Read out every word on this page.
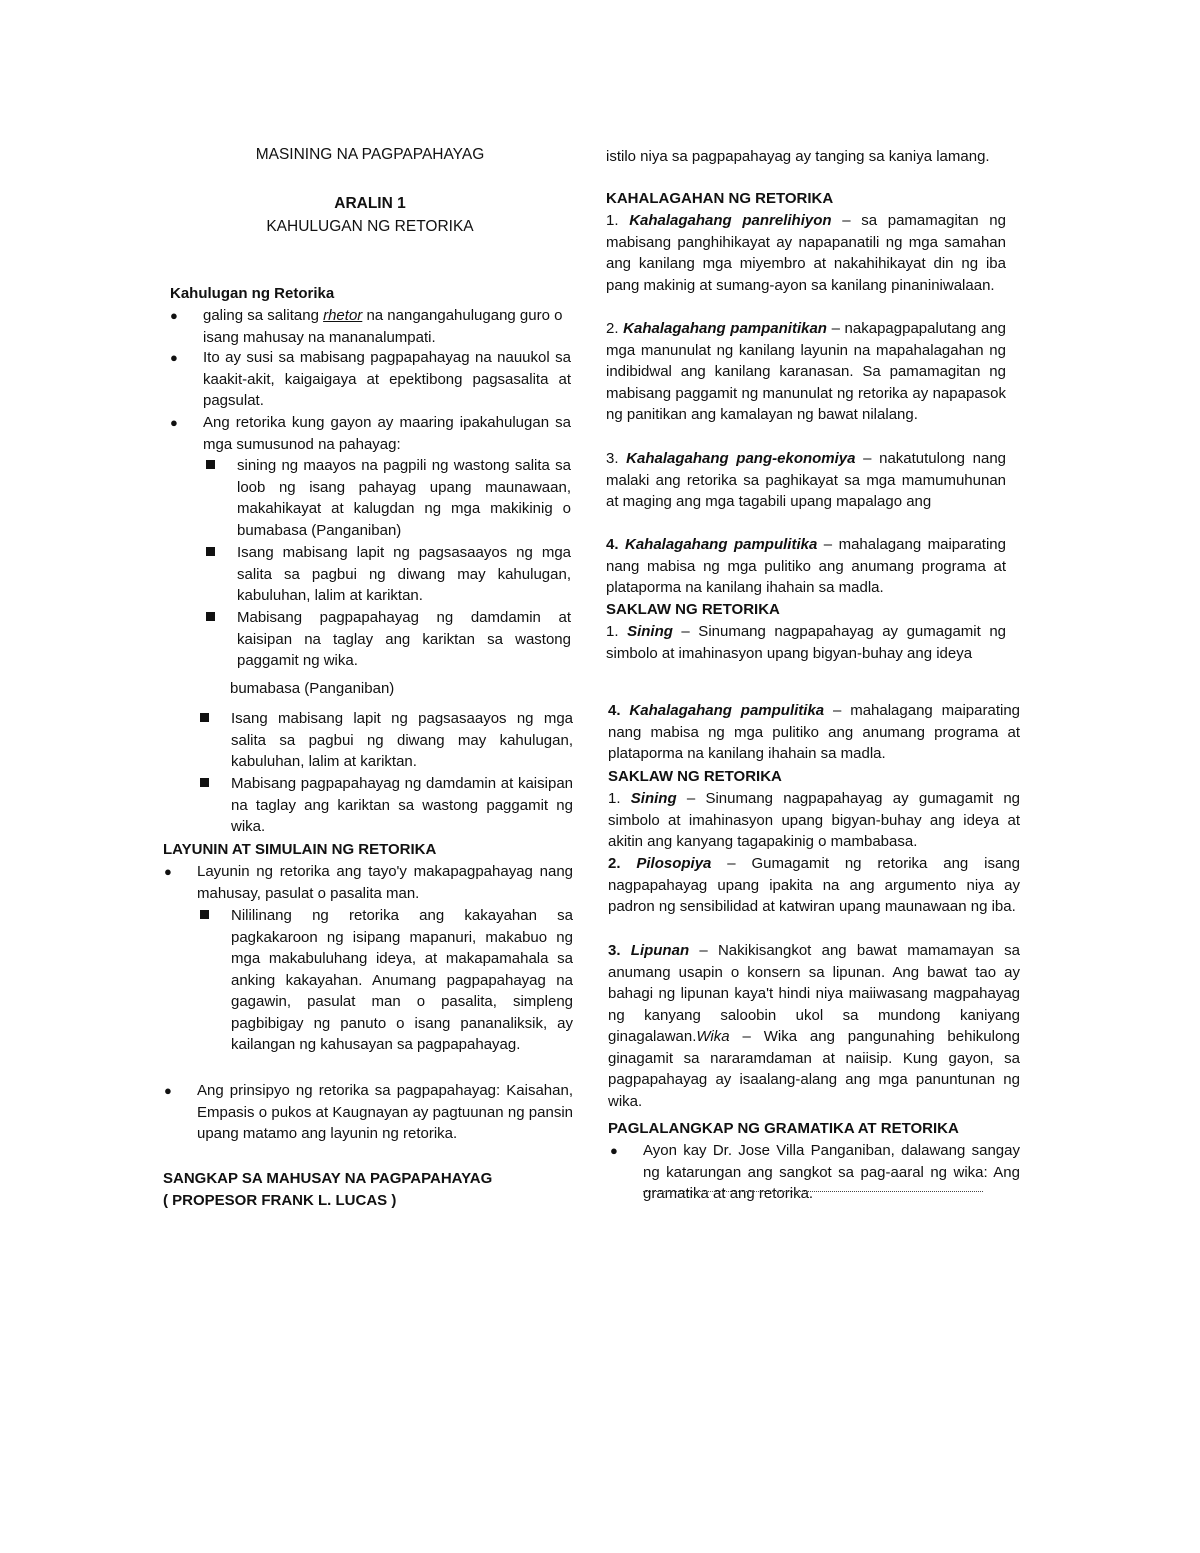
MASINING NA PAGPAPAHAYAG
ARALIN 1
KAHULUGAN NG RETORIKA
Kahulugan ng Retorika
● galing sa salitang rhetor na nangangahulugang guro o isang mahusay na mananalumpati.
● Ito ay susi sa mabisang pagpapahayag na nauukol sa kaakit-akit, kaigaigaya at epektibong pagsasalita at pagsulat.
● Ang retorika kung gayon ay maaring ipakahulugan sa mga sumusunod na pahayag:
sining ng maayos na pagpili ng wastong salita sa loob ng isang pahayag upang maunawaan, makahikayat at kalugdan ng mga makikinig o bumabasa (Panganiban)
Isang mabisang lapit ng pagsasaayos ng mga salita sa pagbui ng diwang may kahulugan, kabuluhan, lalim at kariktan.
Mabisang pagpapahayag ng damdamin at kaisipan na taglay ang kariktan sa wastong paggamit ng wika.
istilo niya sa pagpapahayag ay tanging sa kaniya lamang.
KAHALAGAHAN NG RETORIKA
1. Kahalagahang panrelihiyon – sa pamamagitan ng mabisang panghihikayat ay napapanatili ng mga samahan ang kanilang mga miyembro at nakahihikayat din ng iba pang makinig at sumang-ayon sa kanilang pinaniniwalaan.
2. Kahalagahang pampanitikan – nakapagpapalutang ang mga manunulat ng kanilang layunin na mapahalagahan ng indibidwal ang kanilang karanasan. Sa pamamagitan ng mabisang paggamit ng manunulat ng retorika ay napapasok ng panitikan ang kamalayan ng bawat nilalang.
3. Kahalagahang pang-ekonomiya – nakatutulong nang malaki ang retorika sa paghikayat sa mga mamumuhunan at maging ang mga tagabili upang mapalago ang
4. Kahalagahang pampulitika – mahalagang maiparating nang mabisa ng mga pulitiko ang anumang programa at plataporma na kanilang ihahain sa madla.
SAKLAW NG RETORIKA
1. Sining – Sinumang nagpapahayag ay gumagamit ng simbolo at imahinasyon upang bigyan-buhay ang ideya
bumabasa (Panganiban)
Isang mabisang lapit ng pagsasaayos ng mga salita sa pagbui ng diwang may kahulugan, kabuluhan, lalim at kariktan.
Mabisang pagpapahayag ng damdamin at kaisipan na taglay ang kariktan sa wastong paggamit ng wika.
LAYUNIN AT SIMULAIN NG RETORIKA
● Layunin ng retorika ang tayo'y makapagpahayag nang mahusay, pasulat o pasalita man.
Nililinang ng retorika ang kakayahan sa pagkakaroon ng isipang mapanuri, makabuo ng mga makabuluhang ideya, at makapamahala sa anking kakayahan. Anumang pagpapahayag na gagawin, pasulat man o pasalita, simpleng pagbibigay ng panuto o isang pananaliksik, ay kailangan ng kahusayan sa pagpapahayag.
● Ang prinsipyo ng retorika sa pagpapahayag: Kaisahan, Empasis o pukos at Kaugnayan ay pagtuunan ng pansin upang matamo ang layunin ng retorika.
SANGKAP SA MAHUSAY NA PAGPAPAHAYAG
( PROPESOR FRANK L. LUCAS )
4. Kahalagahang pampulitika – mahalagang maiparating nang mabisa ng mga pulitiko ang anumang programa at plataporma na kanilang ihahain sa madla.
SAKLAW NG RETORIKA
1. Sining – Sinumang nagpapahayag ay gumagamit ng simbolo at imahinasyon upang bigyan-buhay ang ideya at akitin ang kanyang tagapakinig o mambabasa.
2. Pilosopiya – Gumagamit ng retorika ang isang nagpapahayag upang ipakita na ang argumento niya ay padron ng sensibilidad at katwiran upang maunawaan ng iba.
3. Lipunan – Nakikisangkot ang bawat mamamayan sa anumang usapin o konsern sa lipunan. Ang bawat tao ay bahagi ng lipunan kaya't hindi niya maiiwasang magpahayag ng kanyang saloobin ukol sa mundong kaniyang ginagalawan.Wika – Wika ang pangunahing behikulong ginagamit sa nararamdaman at naiisip. Kung gayon, sa pagpapahayag ay isaalang-alang ang mga panuntunan ng wika.
PAGLALANGKAP NG GRAMATIKA AT RETORIKA
● Ayon kay Dr. Jose Villa Panganiban, dalawang sangay ng katarungan ang sangkot sa pag-aaral ng wika: Ang gramatika at ang retorika.
